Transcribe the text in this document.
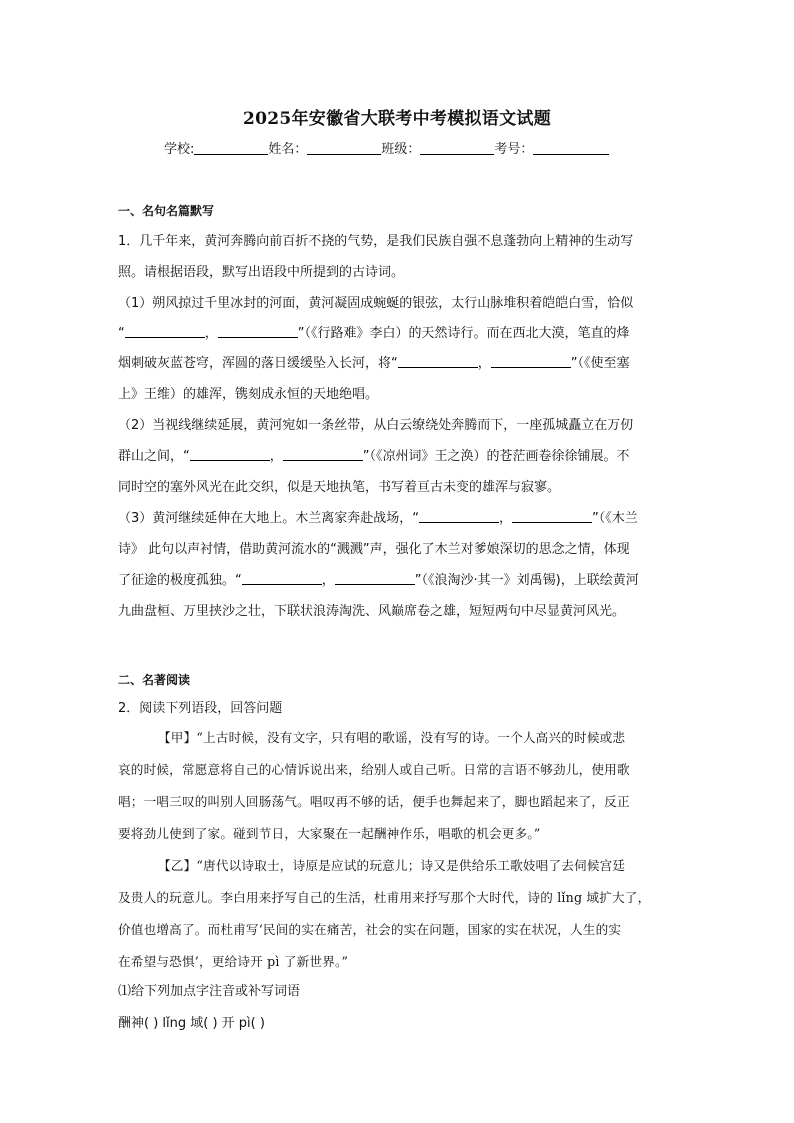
2025年安徽省大联考中考模拟语文试题
学校:	姓名：	班级：	考号：
一、名句名篇默写
1．几千年来，黄河奔腾向前百折不挠的气势，是我们民族自强不息蓬勃向上精神的生动写
照。请根据语段，默写出语段中所提到的古诗词。
（1）朔风掠过千里冰封的河面，黄河凝固成蜿蜒的银弦，太行山脉堆积着皑皑白雪，恰似
“	，	”（《行路难》李白）的天然诗行。而在西北大漠，笔直的烽
烟刺破灰蓝苍穹，浑圆的落日缓缓坠入长河，将“	，	”（《使至塞
上》王维）的雄浑，镌刻成永恒的天地绝唱。
（2）当视线继续延展，黄河宛如一条丝带，从白云缭绕处奔腾而下，一座孤城矗立在万仞
群山之间，“	，	”（《凉州词》王之涣）的苍茫画卷徐徐铺展。不
同时空的塞外风光在此交织，似是天地执笔，书写着亘古未变的雄浑与寂寥。
（3）黄河继续延伸在大地上。木兰离家奔赴战场，“	，	”（《木兰
诗》 此句以声衬情，借助黄河流水的“溅溅”声，强化了木兰对爹娘深切的思念之情，体现
了征途的极度孤独。“	，	”（《浪淘沙·其一》刘禹锡)，上联绘黄河
九曲盘桓、万里挟沙之壮，下联状浪涛淘洗、风巅席卷之雄，短短两句中尽显黄河风光。
二、名著阅读
2．阅读下列语段，回答问题
【甲】“上古时候，没有文字，只有唱的歌谣，没有写的诗。一个人高兴的时候或悲
哀的时候，常愿意将自己的心情诉说出来，给别人或自己听。日常的言语不够劲儿，使用歌
唱；一唱三叹的叫别人回肠荡气。唱叹再不够的话，便手也舞起来了，脚也蹈起来了，反正
要将劲儿使到了家。碰到节日，大家聚在一起酬神作乐，唱歌的机会更多。”
【乙】“唐代以诗取士，诗原是应试的玩意儿；诗又是供给乐工歌妓唱了去伺候宫廷
及贵人的玩意儿。李白用来抒写自己的生活，杜甫用来抒写那个大时代，诗的 lǐng 域扩大了，
价值也增高了。而杜甫写‘民间的实在痛苦，社会的实在问题，国家的实在状况，人生的实
在希望与恐惧’，更给诗开 pì 了新世界。”
⑴给下列加点字注音或补写词语
酬神( ) lǐng 域( ) 开 pì( )
